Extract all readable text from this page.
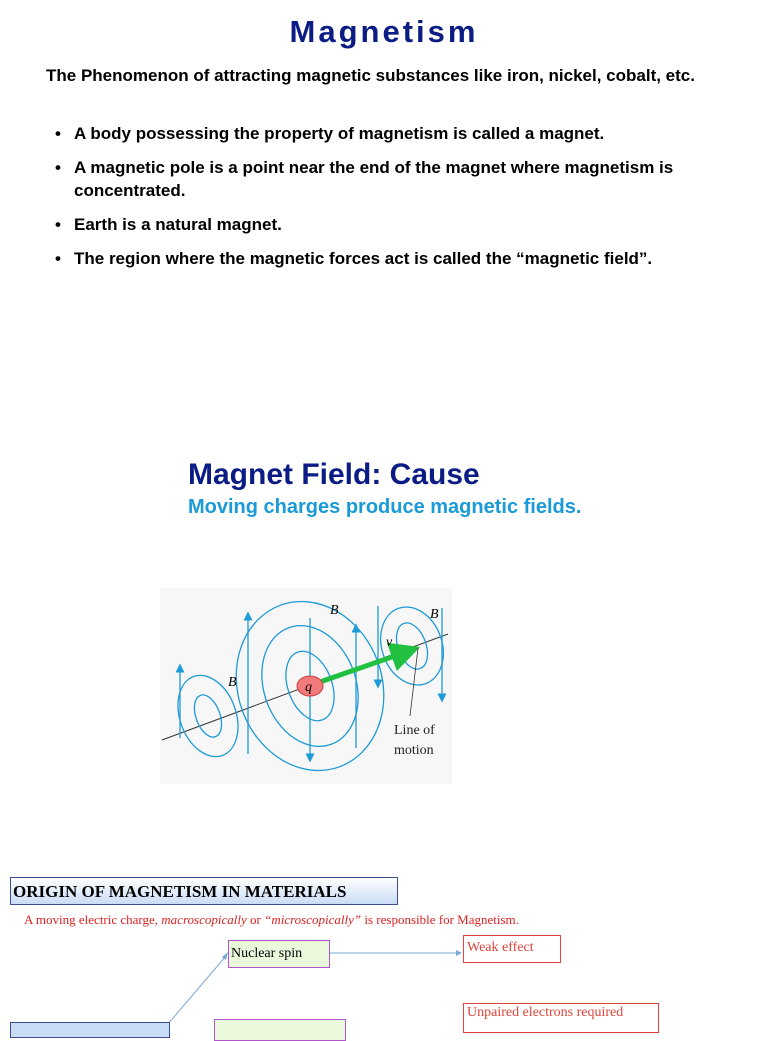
Magnetism
The Phenomenon of attracting magnetic substances like iron, nickel, cobalt, etc.
• A body possessing the property of magnetism is called a magnet.
• A magnetic pole is a point near the end of the magnet where magnetism is concentrated.
• Earth is a natural magnet.
• The region where the magnetic forces act is called the “magnetic field”.
Magnet Field: Cause
Moving charges produce magnetic fields.
q
B
B	B
v
Line of
motion
ORIGIN OF MAGNETISM IN MATERIALS
A moving electric charge, macroscopically or “microscopically” is responsible for Magnetism.
Nuclear spin	Weak effect
Unpaired electrons required
